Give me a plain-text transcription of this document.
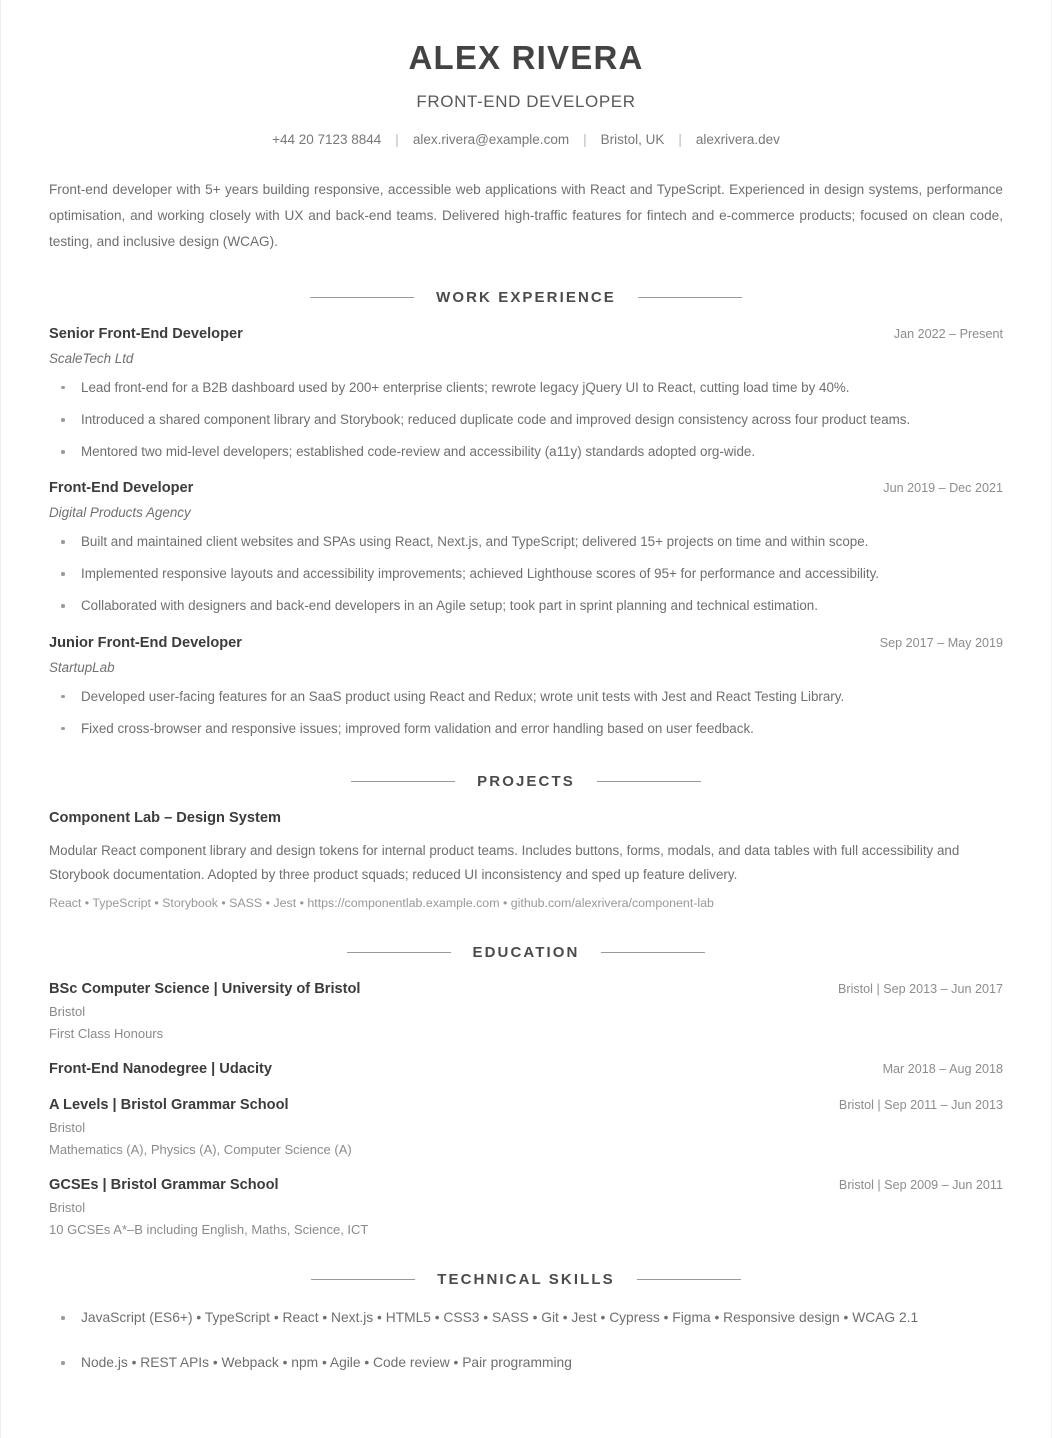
ALEX RIVERA
FRONT-END DEVELOPER
+44 20 7123 8844	|	alex.rivera@example.com	|	Bristol, UK	|	alexrivera.dev
Front-end developer with 5+ years building responsive, accessible web applications with React and TypeScript. Experienced in design systems, performance optimisation, and working closely with UX and back-end teams. Delivered high-traffic features for fintech and e-commerce products; focused on clean code, testing, and inclusive design (WCAG).
WORK EXPERIENCE
Senior Front-End Developer	Jan 2022 – Present
ScaleTech Ltd
Lead front-end for a B2B dashboard used by 200+ enterprise clients; rewrote legacy jQuery UI to React, cutting load time by 40%.
Introduced a shared component library and Storybook; reduced duplicate code and improved design consistency across four product teams.
Mentored two mid-level developers; established code-review and accessibility (a11y) standards adopted org-wide.
Front-End Developer	Jun 2019 – Dec 2021
Digital Products Agency
Built and maintained client websites and SPAs using React, Next.js, and TypeScript; delivered 15+ projects on time and within scope.
Implemented responsive layouts and accessibility improvements; achieved Lighthouse scores of 95+ for performance and accessibility.
Collaborated with designers and back-end developers in an Agile setup; took part in sprint planning and technical estimation.
Junior Front-End Developer	Sep 2017 – May 2019
StartupLab
Developed user-facing features for an SaaS product using React and Redux; wrote unit tests with Jest and React Testing Library.
Fixed cross-browser and responsive issues; improved form validation and error handling based on user feedback.
PROJECTS
Component Lab – Design System
Modular React component library and design tokens for internal product teams. Includes buttons, forms, modals, and data tables with full accessibility and Storybook documentation. Adopted by three product squads; reduced UI inconsistency and sped up feature delivery.
React • TypeScript • Storybook • SASS • Jest • https://componentlab.example.com • github.com/alexrivera/component-lab
EDUCATION
BSc Computer Science | University of Bristol	Bristol | Sep 2013 – Jun 2017
Bristol
First Class Honours
Front-End Nanodegree | Udacity	Mar 2018 – Aug 2018
A Levels | Bristol Grammar School	Bristol | Sep 2011 – Jun 2013
Bristol
Mathematics (A), Physics (A), Computer Science (A)
GCSEs | Bristol Grammar School	Bristol | Sep 2009 – Jun 2011
Bristol
10 GCSEs A*–B including English, Maths, Science, ICT
TECHNICAL SKILLS
JavaScript (ES6+) • TypeScript • React • Next.js • HTML5 • CSS3 • SASS • Git • Jest • Cypress • Figma • Responsive design • WCAG 2.1
Node.js • REST APIs • Webpack • npm • Agile • Code review • Pair programming
